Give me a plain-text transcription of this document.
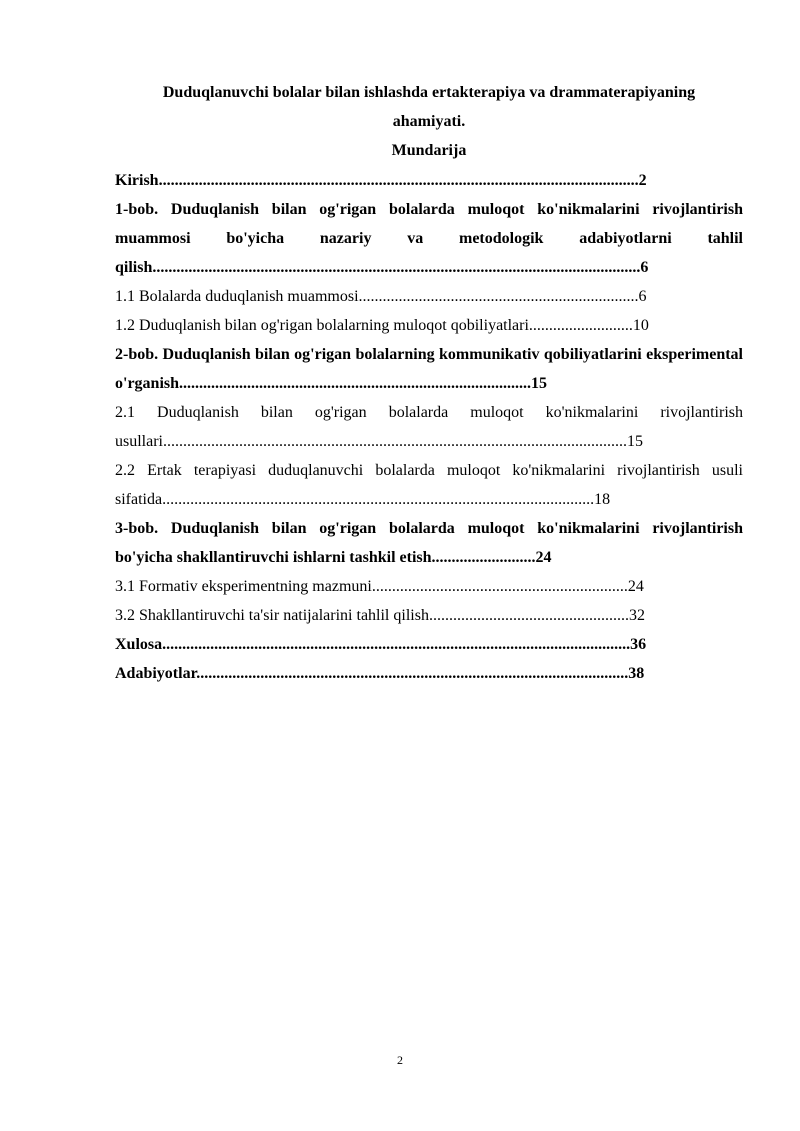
Duduqlanuvchi bolalar bilan ishlashda ertakterapiya va drammaterapiyaning

ahamiyati.

Mundarija

Kirish........................................................................................................................2

1-bob. Duduqlanish bilan og'rigan bolalarda muloqot ko'nikmalarini rivojlantirish muammosi bo'yicha nazariy va metodologik adabiyotlarni tahlil qilish..........................................................................................................................6

1.1 Bolalarda duduqlanish muammosi......................................................................6

1.2 Duduqlanish bilan og'rigan bolalarning muloqot qobiliyatlari..........................10

2-bob. Duduqlanish bilan og'rigan bolalarning kommunikativ qobiliyatlarini eksperimental o'rganish........................................................................................15

2.1 Duduqlanish bilan og'rigan bolalarda muloqot ko'nikmalarini rivojlantirish usullari....................................................................................................................15

2.2 Ertak terapiyasi duduqlanuvchi bolalarda muloqot ko'nikmalarini rivojlantirish usuli sifatida............................................................................................................18

3-bob. Duduqlanish bilan og'rigan bolalarda muloqot ko'nikmalarini rivojlantirish bo'yicha shakllantiruvchi ishlarni tashkil etish..........................24

3.1 Formativ eksperimentning mazmuni................................................................24

3.2 Shakllantiruvchi ta'sir natijalarini tahlil qilish..................................................32

Xulosa.....................................................................................................................36

Adabiyotlar............................................................................................................38

2
